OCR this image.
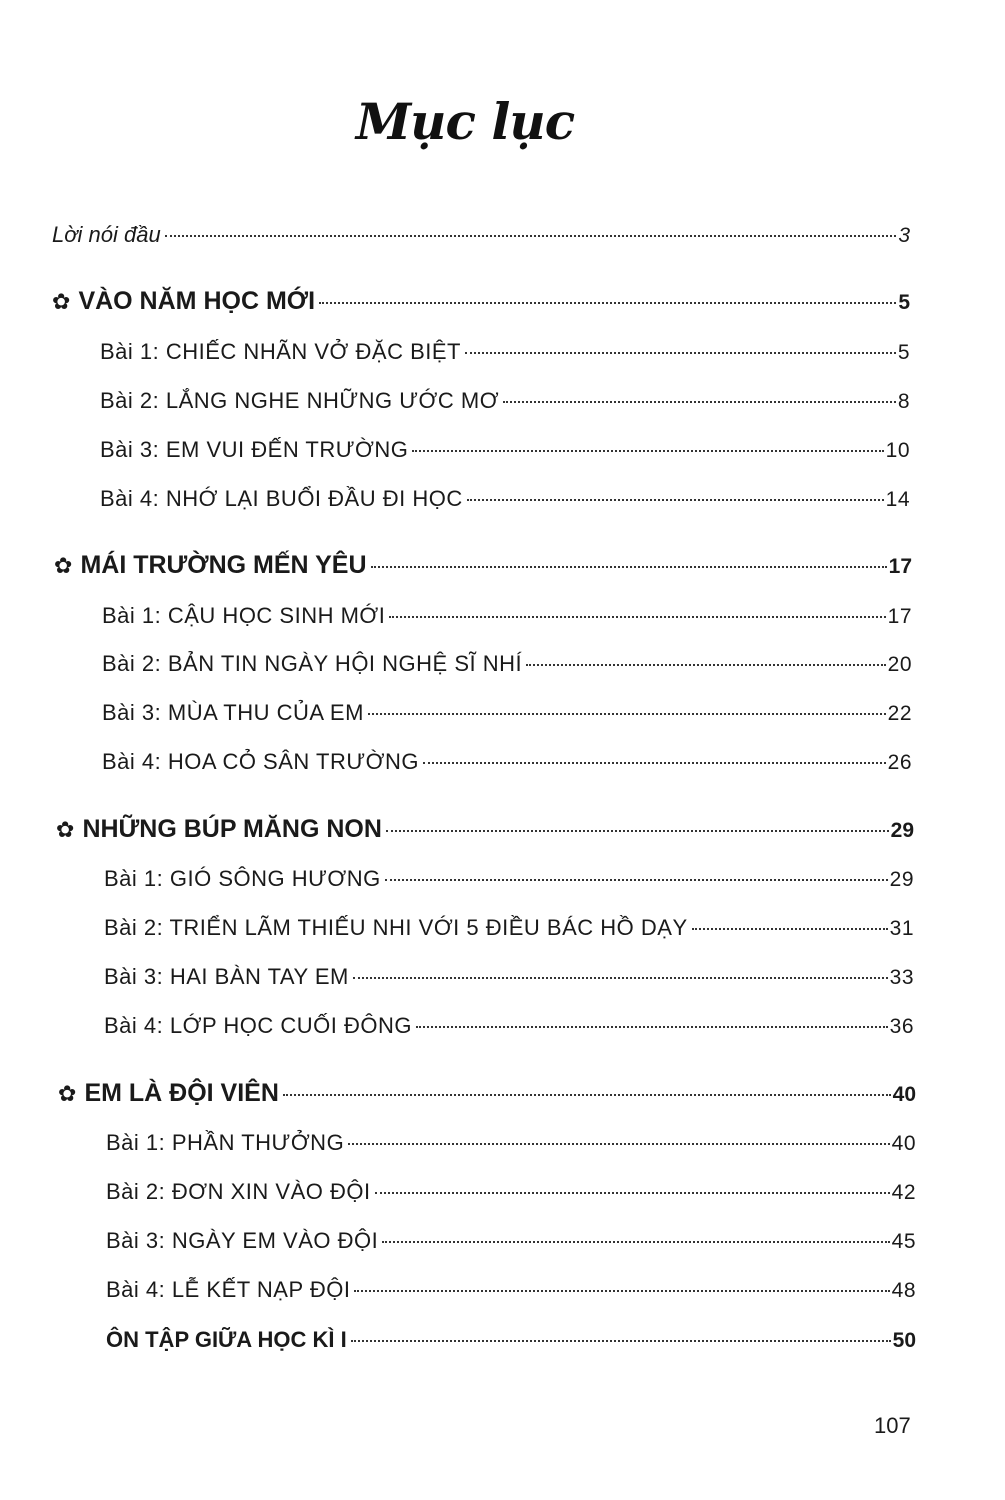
Mục lục
Lời nói đầu	3
✿ VÀO NĂM HỌC MỚI	5
Bài 1: CHIẾC NHÃN VỞ ĐẶC BIỆT	5
Bài 2: LẮNG NGHE NHỮNG ƯỚC MƠ	8
Bài 3: EM VUI ĐẾN TRƯỜNG	10
Bài 4: NHỚ LẠI BUỔI ĐẦU ĐI HỌC	14
✿ MÁI TRƯỜNG MẾN YÊU	17
Bài 1: CẬU HỌC SINH MỚI	17
Bài 2: BẢN TIN NGÀY HỘI NGHỆ SĨ NHÍ	20
Bài 3: MÙA THU CỦA EM	22
Bài 4: HOA CỎ SÂN TRƯỜNG	26
✿ NHỮNG BÚP MĂNG NON	29
Bài 1: GIÓ SÔNG HƯƠNG	29
Bài 2: TRIỂN LÃM THIẾU NHI VỚI 5 ĐIỀU BÁC HỒ DẠY	31
Bài 3: HAI BÀN TAY EM	33
Bài 4: LỚP HỌC CUỐI ĐÔNG	36
✿ EM LÀ ĐỘI VIÊN	40
Bài 1: PHẦN THƯỞNG	40
Bài 2: ĐƠN XIN VÀO ĐỘI	42
Bài 3: NGÀY EM VÀO ĐỘI	45
Bài 4: LỄ KẾT NẠP ĐỘI	48
ÔN TẬP GIỮA HỌC KÌ I	50
107
